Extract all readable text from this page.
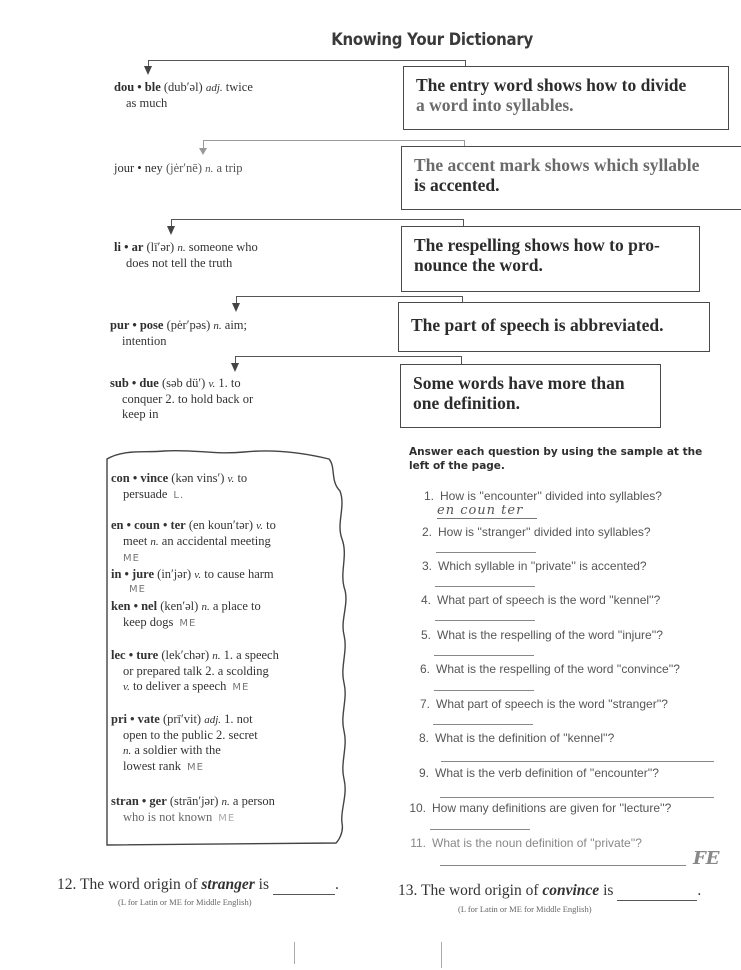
Knowing Your Dictionary
dou • ble (dub′əl) adj. twice
as much
jour • ney (jėr′nē) n. a trip
li • ar (lī′ər) n. someone who
does not tell the truth
pur • pose (pėr′pəs) n. aim;
intention
sub • due (səb dü′) v. 1. to
conquer 2. to hold back or
keep in
The entry word shows how to divide
a word into syllables.
The accent mark shows which syllable
is accented.
The respelling shows how to pro-
nounce the word.
The part of speech is abbreviated.
Some words have more than
one definition.
con • vince (kən vins′) v. to
persuade L.
en • coun • ter (en koun′tər) v. to
meet n. an accidental meeting
ME
in • jure (in′jər) v. to cause harm
ME
ken • nel (ken′əl) n. a place to
keep dogs ME
lec • ture (lek′chər) n. 1. a speech
or prepared talk 2. a scolding
v. to deliver a speech ME
pri • vate (prī′vit) adj. 1. not
open to the public 2. secret
n. a soldier with the
lowest rank ME
stran • ger (strān′jər) n. a person
who is not known ME
Answer each question by using the sample at the left of the page.
1. How is ''encounter'' divided into syllables?
en coun ter
2. How is ''stranger'' divided into syllables?
3. Which syllable in ''private'' is accented?
4. What part of speech is the word ''kennel''?
5. What is the respelling of the word ''injure''?
6. What is the respelling of the word ''convince''?
7. What part of speech is the word ''stranger''?
8. What is the definition of ''kennel''?
9. What is the verb definition of ''encounter''?
10. How many definitions are given for ''lecture''?
11. What is the noun definition of ''private''?
FE
12. The word origin of stranger is	.
(L for Latin or ME for Middle English)
13. The word origin of convince is	.
(L for Latin or ME for Middle English)
